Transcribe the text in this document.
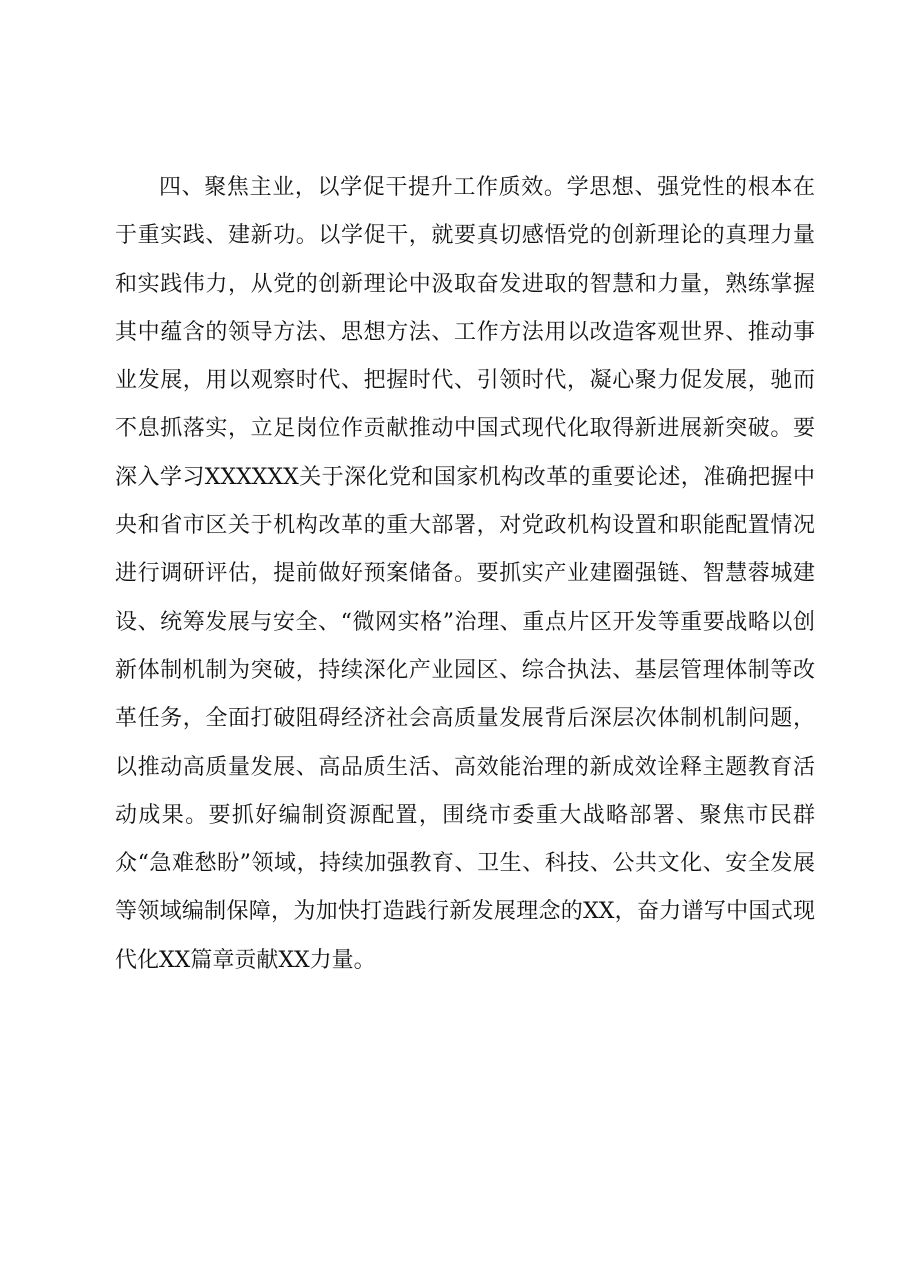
四、聚焦主业，以学促干提升工作质效。学思想、强党性的根本在于重实践、建新功。以学促干，就要真切感悟党的创新理论的真理力量和实践伟力，从党的创新理论中汲取奋发进取的智慧和力量，熟练掌握其中蕴含的领导方法、思想方法、工作方法用以改造客观世界、推动事业发展，用以观察时代、把握时代、引领时代，凝心聚力促发展，驰而不息抓落实，立足岗位作贡献推动中国式现代化取得新进展新突破。要深入学习XXXXXX关于深化党和国家机构改革的重要论述，准确把握中央和省市区关于机构改革的重大部署，对党政机构设置和职能配置情况进行调研评估，提前做好预案储备。要抓实产业建圈强链、智慧蓉城建设、统筹发展与安全、“微网实格”治理、重点片区开发等重要战略以创新体制机制为突破，持续深化产业园区、综合执法、基层管理体制等改革任务，全面打破阻碍经济社会高质量发展背后深层次体制机制问题，以推动高质量发展、高品质生活、高效能治理的新成效诠释主题教育活动成果。要抓好编制资源配置，围绕市委重大战略部署、聚焦市民群众“急难愁盼”领域，持续加强教育、卫生、科技、公共文化、安全发展等领域编制保障，为加快打造践行新发展理念的XX，奋力谱写中国式现代化XX篇章贡献XX力量。
